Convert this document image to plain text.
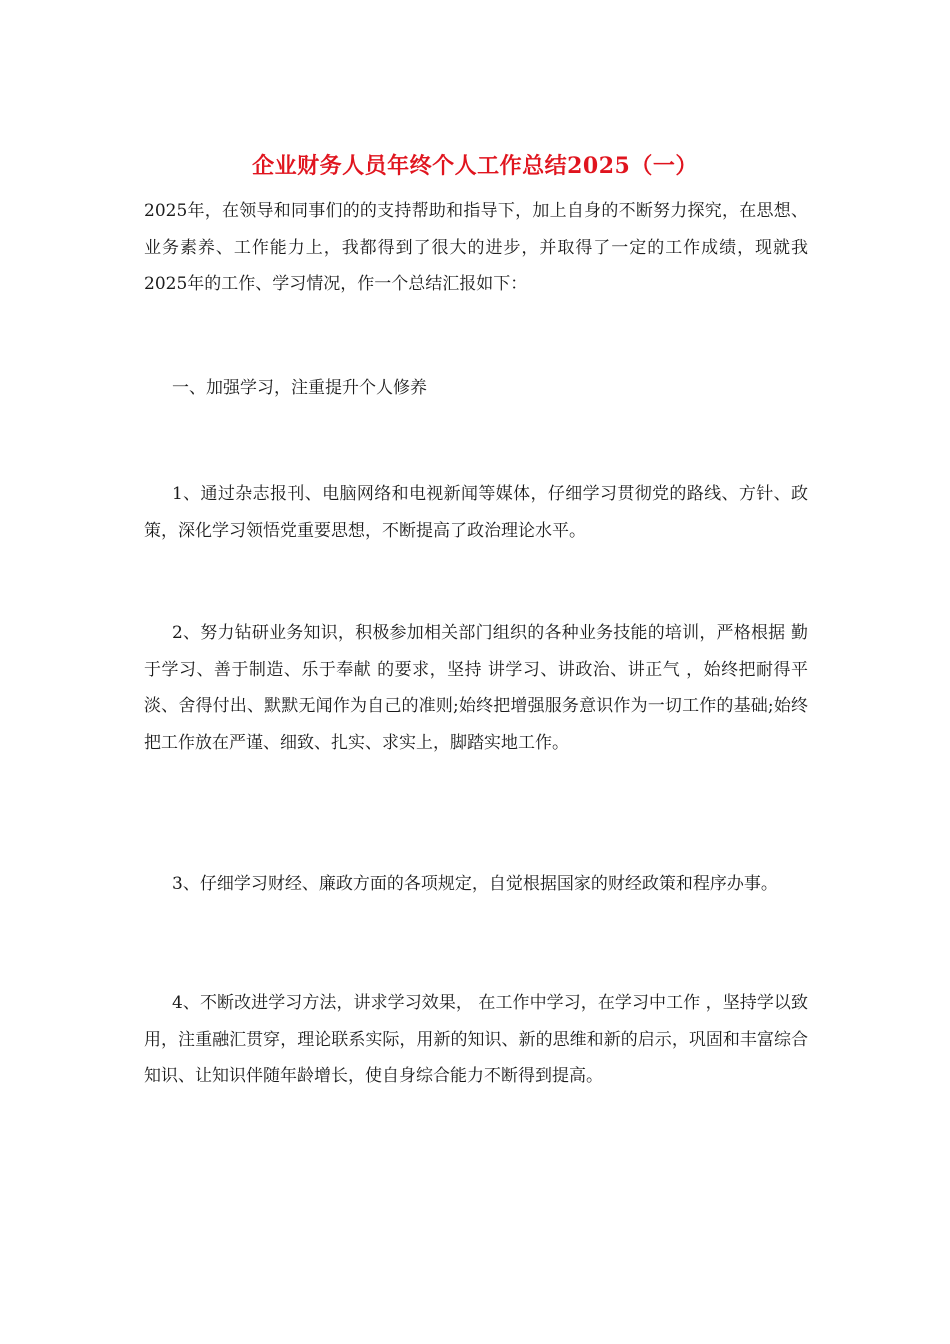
企业财务人员年终个人工作总结2025（一）

2025年，在领导和同事们的的支持帮助和指导下，加上自身的不断努力探究，在思想、业务素养、工作能力上，我都得到了很大的进步，并取得了一定的工作成绩，现就我2025年的工作、学习情况，作一个总结汇报如下：

一、加强学习，注重提升个人修养

1、通过杂志报刊、电脑网络和电视新闻等媒体，仔细学习贯彻党的路线、方针、政策，深化学习领悟党重要思想，不断提高了政治理论水平。

2、努力钻研业务知识，积极参加相关部门组织的各种业务技能的培训，严格根据 勤于学习、善于制造、乐于奉献 的要求，坚持 讲学习、讲政治、讲正气 ，始终把耐得平淡、舍得付出、默默无闻作为自己的准则;始终把增强服务意识作为一切工作的基础;始终把工作放在严谨、细致、扎实、求实上，脚踏实地工作。

3、仔细学习财经、廉政方面的各项规定，自觉根据国家的财经政策和程序办事。

4、不断改进学习方法，讲求学习效果， 在工作中学习，在学习中工作 ，坚持学以致用，注重融汇贯穿，理论联系实际，用新的知识、新的思维和新的启示，巩固和丰富综合知识、让知识伴随年龄增长，使自身综合能力不断得到提高。
